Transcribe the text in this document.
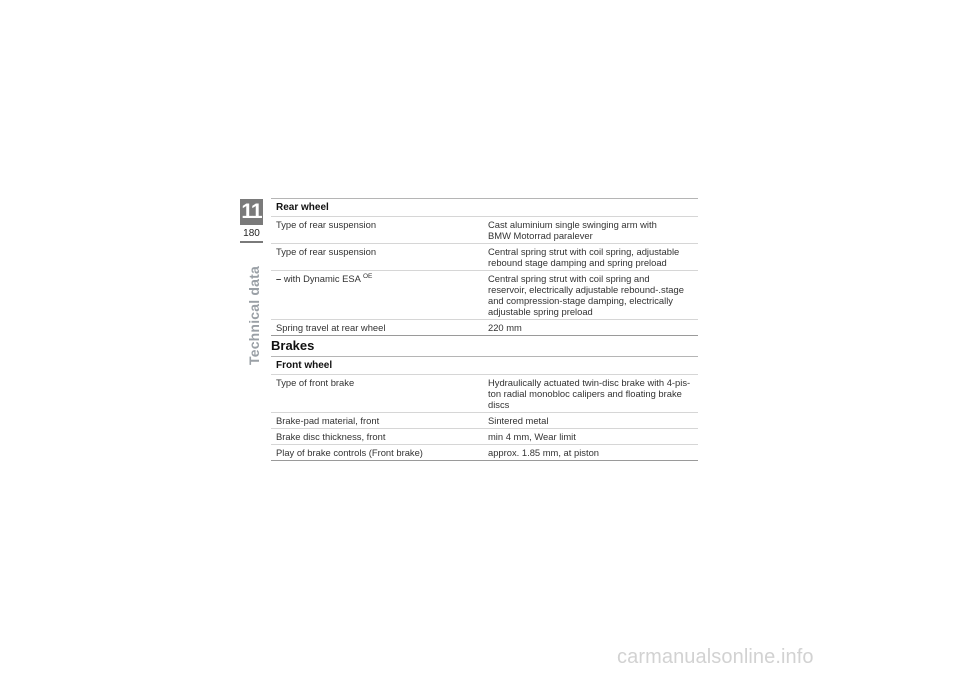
11
180
Technical data
Rear wheel
Type of rear suspension	Cast aluminium single swinging arm with
BMW Motorrad paralever
Type of rear suspension	Central spring strut with coil spring, adjustable
rebound stage damping and spring preload
– with Dynamic ESA $^{OE}$	Central spring strut with coil spring and
reservoir, electrically adjustable rebound-.stage
and compression-stage damping, electrically
adjustable spring preload
Spring travel at rear wheel	220 mm
Brakes
Front wheel
Type of front brake	Hydraulically actuated twin-disc brake with 4-pis-
ton radial monobloc calipers and floating brake
discs
Brake-pad material, front	Sintered metal
Brake disc thickness, front	min 4 mm, Wear limit
Play of brake controls (Front brake)	approx. 1.85 mm, at piston
carmanualsonline.info
